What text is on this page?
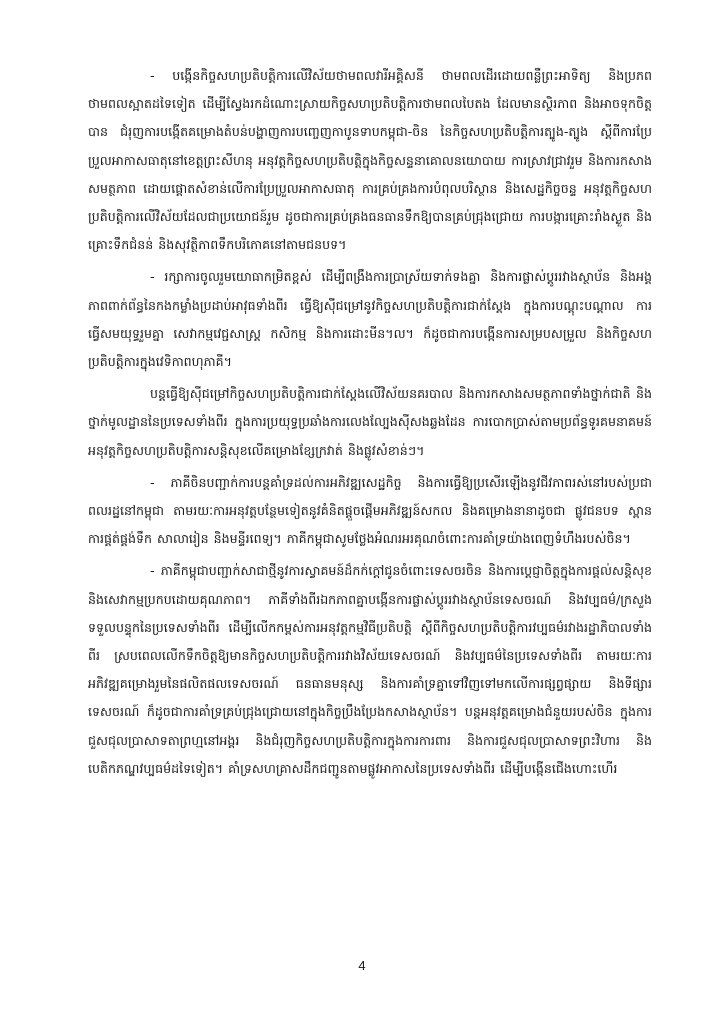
- បង្កើនកិច្ចសហប្រតិបត្តិការលើវិស័យថាមពលវារីអគ្គិសនី ថាមពលដើរដោយពន្លឺព្រះអាទិត្យ និងប្រភពថាមពលស្អាតដទៃទៀត ដើម្បីស្វែងរកដំណោះស្រាយកិច្ចសហប្រតិបត្តិការថាមពលបៃតង ដែលមានស្ថិរភាព និងអាចទុកចិត្តបាន ជំរុញការបង្កើតគម្រោងតំបន់បង្ហាញការបញ្ចេញកាបូនទាបកម្ពុជា-ចិន នៃកិច្ចសហប្រតិបត្តិការត្បូង-ត្បូង ស្តីពីការប្រែប្រួលអាកាសធាតុនៅខេត្តព្រះសីហនុ អនុវត្តកិច្ចសហប្រតិបត្តិក្នុងកិច្ចសន្ទនាគោលនយោបាយ ការស្រាវជ្រាវរួម និងការកសាងសមត្ថភាព ដោយផ្តោតសំខាន់លើការប្រែប្រួលអាកាសធាតុ ការគ្រប់គ្រងការបំពុលបរិស្ថាន និងសេដ្ឋកិច្ចចន្ទ អនុវត្តកិច្ចសហប្រតិបត្តិការលើវិស័យដែលជាប្រយោជន៍រួម ដូចជាការគ្រប់គ្រងធនធានទឹកឱ្យបានគ្រប់ជ្រុងជ្រោយ ការបង្ការគ្រោះរាំងស្ងួត និងគ្រោះទឹកជំនន់ និងសុវត្ថិភាពទឹកបរិភោគនៅតាមជនបទ។

- រក្សាការចូលរួមយោធាកម្រិតខ្ពស់ ដើម្បីពង្រឹងការប្រាស្រ័យទាក់ទងគ្នា និងការផ្លាស់ប្តូររវាងស្ថាប័ន និងអង្គភាពពាក់ព័ន្ធនៃកងកម្លាំងប្រដាប់អាវុធទាំងពីរ ធ្វើឱ្យស៊ីជម្រៅនូវកិច្ចសហប្រតិបត្តិការជាក់ស្តែង ក្នុងការបណ្តុះបណ្តាល ការធ្វើសមយុទ្ធរួមគ្នា សេវាកម្មវេជ្ជសាស្ត្រ កសិកម្ម និងការដោះមីន។ល។ ក៏ដូចជាការបង្កើនការសម្របសម្រួល និងកិច្ចសហប្រតិបត្តិការក្នុងវេទិកាពហុភាគី។

បន្តធ្វើឱ្យស៊ីជម្រៅកិច្ចសហប្រតិបត្តិការជាក់ស្តែងលើវិស័យនគរបាល និងការកសាងសមត្ថភាពទាំងថ្នាក់ជាតិ និងថ្នាក់មូលដ្ឋាននៃប្រទេសទាំងពីរ ក្នុងការប្រយុទ្ធប្រឆាំងការលេងល្បែងស៊ីសងឆ្លងដែន ការបោកប្រាស់តាមប្រព័ន្ធទូរគមនាគមន៍ អនុវត្តកិច្ចសហប្រតិបត្តិការសន្តិសុខលើគម្រោងខ្សែក្រវាត់ និងផ្លូវសំខាន់ៗ។

- ភាគីចិនបញ្ជាក់ការបន្តគាំទ្រដល់ការអភិវឌ្ឍសេដ្ឋកិច្ច និងការធ្វើឱ្យប្រសើរឡើងនូវជីវភាពរស់នៅរបស់ប្រជាពលរដ្ឋនៅកម្ពុជា តាមរយៈការអនុវត្តបន្ថែមទៀតនូវគំនិតផ្តួចផ្តើមអភិវឌ្ឍន៍សកល និងគម្រោងនានាដូចជា ផ្លូវជនបទ ស្ពាន ការផ្គត់ផ្គង់ទឹក សាលារៀន និងមន្ទីរពេទ្យ។ ភាគីកម្ពុជាសូមថ្លែងអំណរអរគុណចំពោះការគាំទ្រយ៉ាងពេញទំហឹងរបស់ចិន។

- ភាគីកម្ពុជាបញ្ជាក់សាជាថ្មីនូវការស្វាគមន៍ដ៏កក់ក្តៅជូនចំពោះទេសចរចិន និងការប្តេជ្ញាចិត្តក្នុងការផ្តល់សន្តិសុខ និងសេវាកម្មប្រកបដោយគុណភាព។ ភាគីទាំងពីរឯកភាពគ្នាបង្កើនការផ្លាស់ប្តូររវាងស្ថាប័នទេសចរណ៍ និងវប្បធម៌/ក្រសួងទទួលបន្ទុកនៃប្រទេសទាំងពីរ ដើម្បីលើកកម្ពស់ការអនុវត្តកម្មវិធីប្រតិបត្តិ ស្តីពីកិច្ចសហប្រតិបត្តិការវប្បធម៌រវាងរដ្ឋាភិបាលទាំងពីរ ស្របពេលលើកទឹកចិត្តឱ្យមានកិច្ចសហប្រតិបត្តិការរវាងវិស័យទេសចរណ៍ និងវប្បធម៌នៃប្រទេសទាំងពីរ តាមរយៈការអភិវឌ្ឍគម្រោងរួមនៃផលិតផលទេសចរណ៍ ធនធានមនុស្ស និងការគាំទ្រគ្នាទៅវិញទៅមកលើការផ្សព្វផ្សាយ និងទីផ្សារទេសចរណ៍ ក៏ដូចជាការគាំទ្រគ្រប់ជ្រុងជ្រោយនៅក្នុងកិច្ចប្រឹងប្រែងកសាងស្ថាប័ន។ បន្តអនុវត្តគម្រោងជំនួយរបស់ចិន ក្នុងការជួសជុលប្រាសាទតាព្រហ្មនៅអង្គរ និងជំរុញកិច្ចសហប្រតិបត្តិការក្នុងការការពារ និងការជួសជុលប្រាសាទព្រះវិហារ និងបេតិកភណ្ឌវប្បធម៌ដទៃទៀត។ គាំទ្រសហគ្រាសដឹកជញ្ជូនតាមផ្លូវអាកាសនៃប្រទេសទាំងពីរ ដើម្បីបង្កើនជើងហោះហើរ

4
